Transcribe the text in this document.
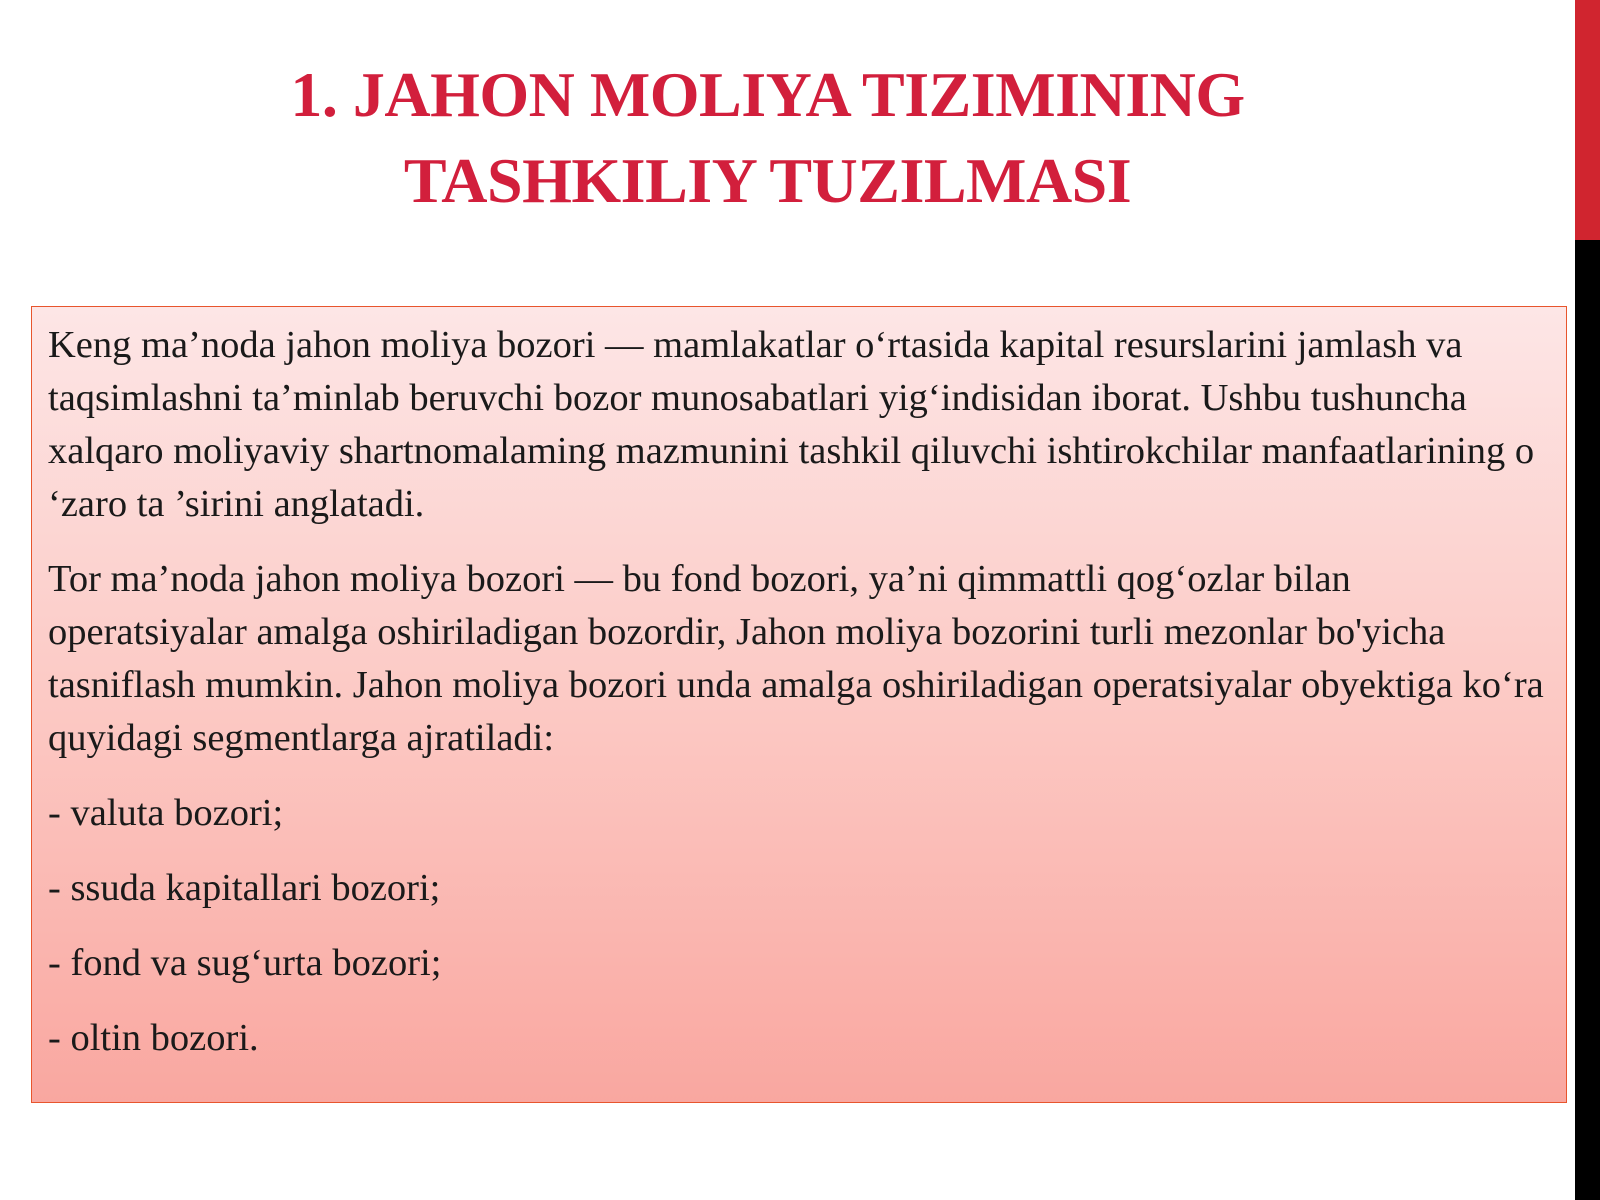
1. JAHON MOLIYA TIZIMINING
TASHKILIY TUZILMASI

Keng ma’noda jahon moliya bozori — mamlakatlar o‘rtasida kapital resurslarini jamlash va taqsimlashni ta’minlab beruvchi bozor munosabatlari yig‘indisidan iborat. Ushbu tushuncha xalqaro moliyaviy shartnomalaming mazmunini tashkil qiluvchi ishtirokchilar manfaatlarining o ‘zaro ta ’sirini anglatadi.

Tor ma’noda jahon moliya bozori — bu fond bozori, ya’ni qimmattli qog‘ozlar bilan operatsiyalar amalga oshiriladigan bozordir, Jahon moliya bozorini turli mezonlar bo'yicha tasniflash mumkin. Jahon moliya bozori unda amalga oshiriladigan operatsiyalar obyektiga ko‘ra quyidagi segmentlarga ajratiladi:

- valuta bozori;

- ssuda kapitallari bozori;

- fond va sug‘urta bozori;

- oltin bozori.
